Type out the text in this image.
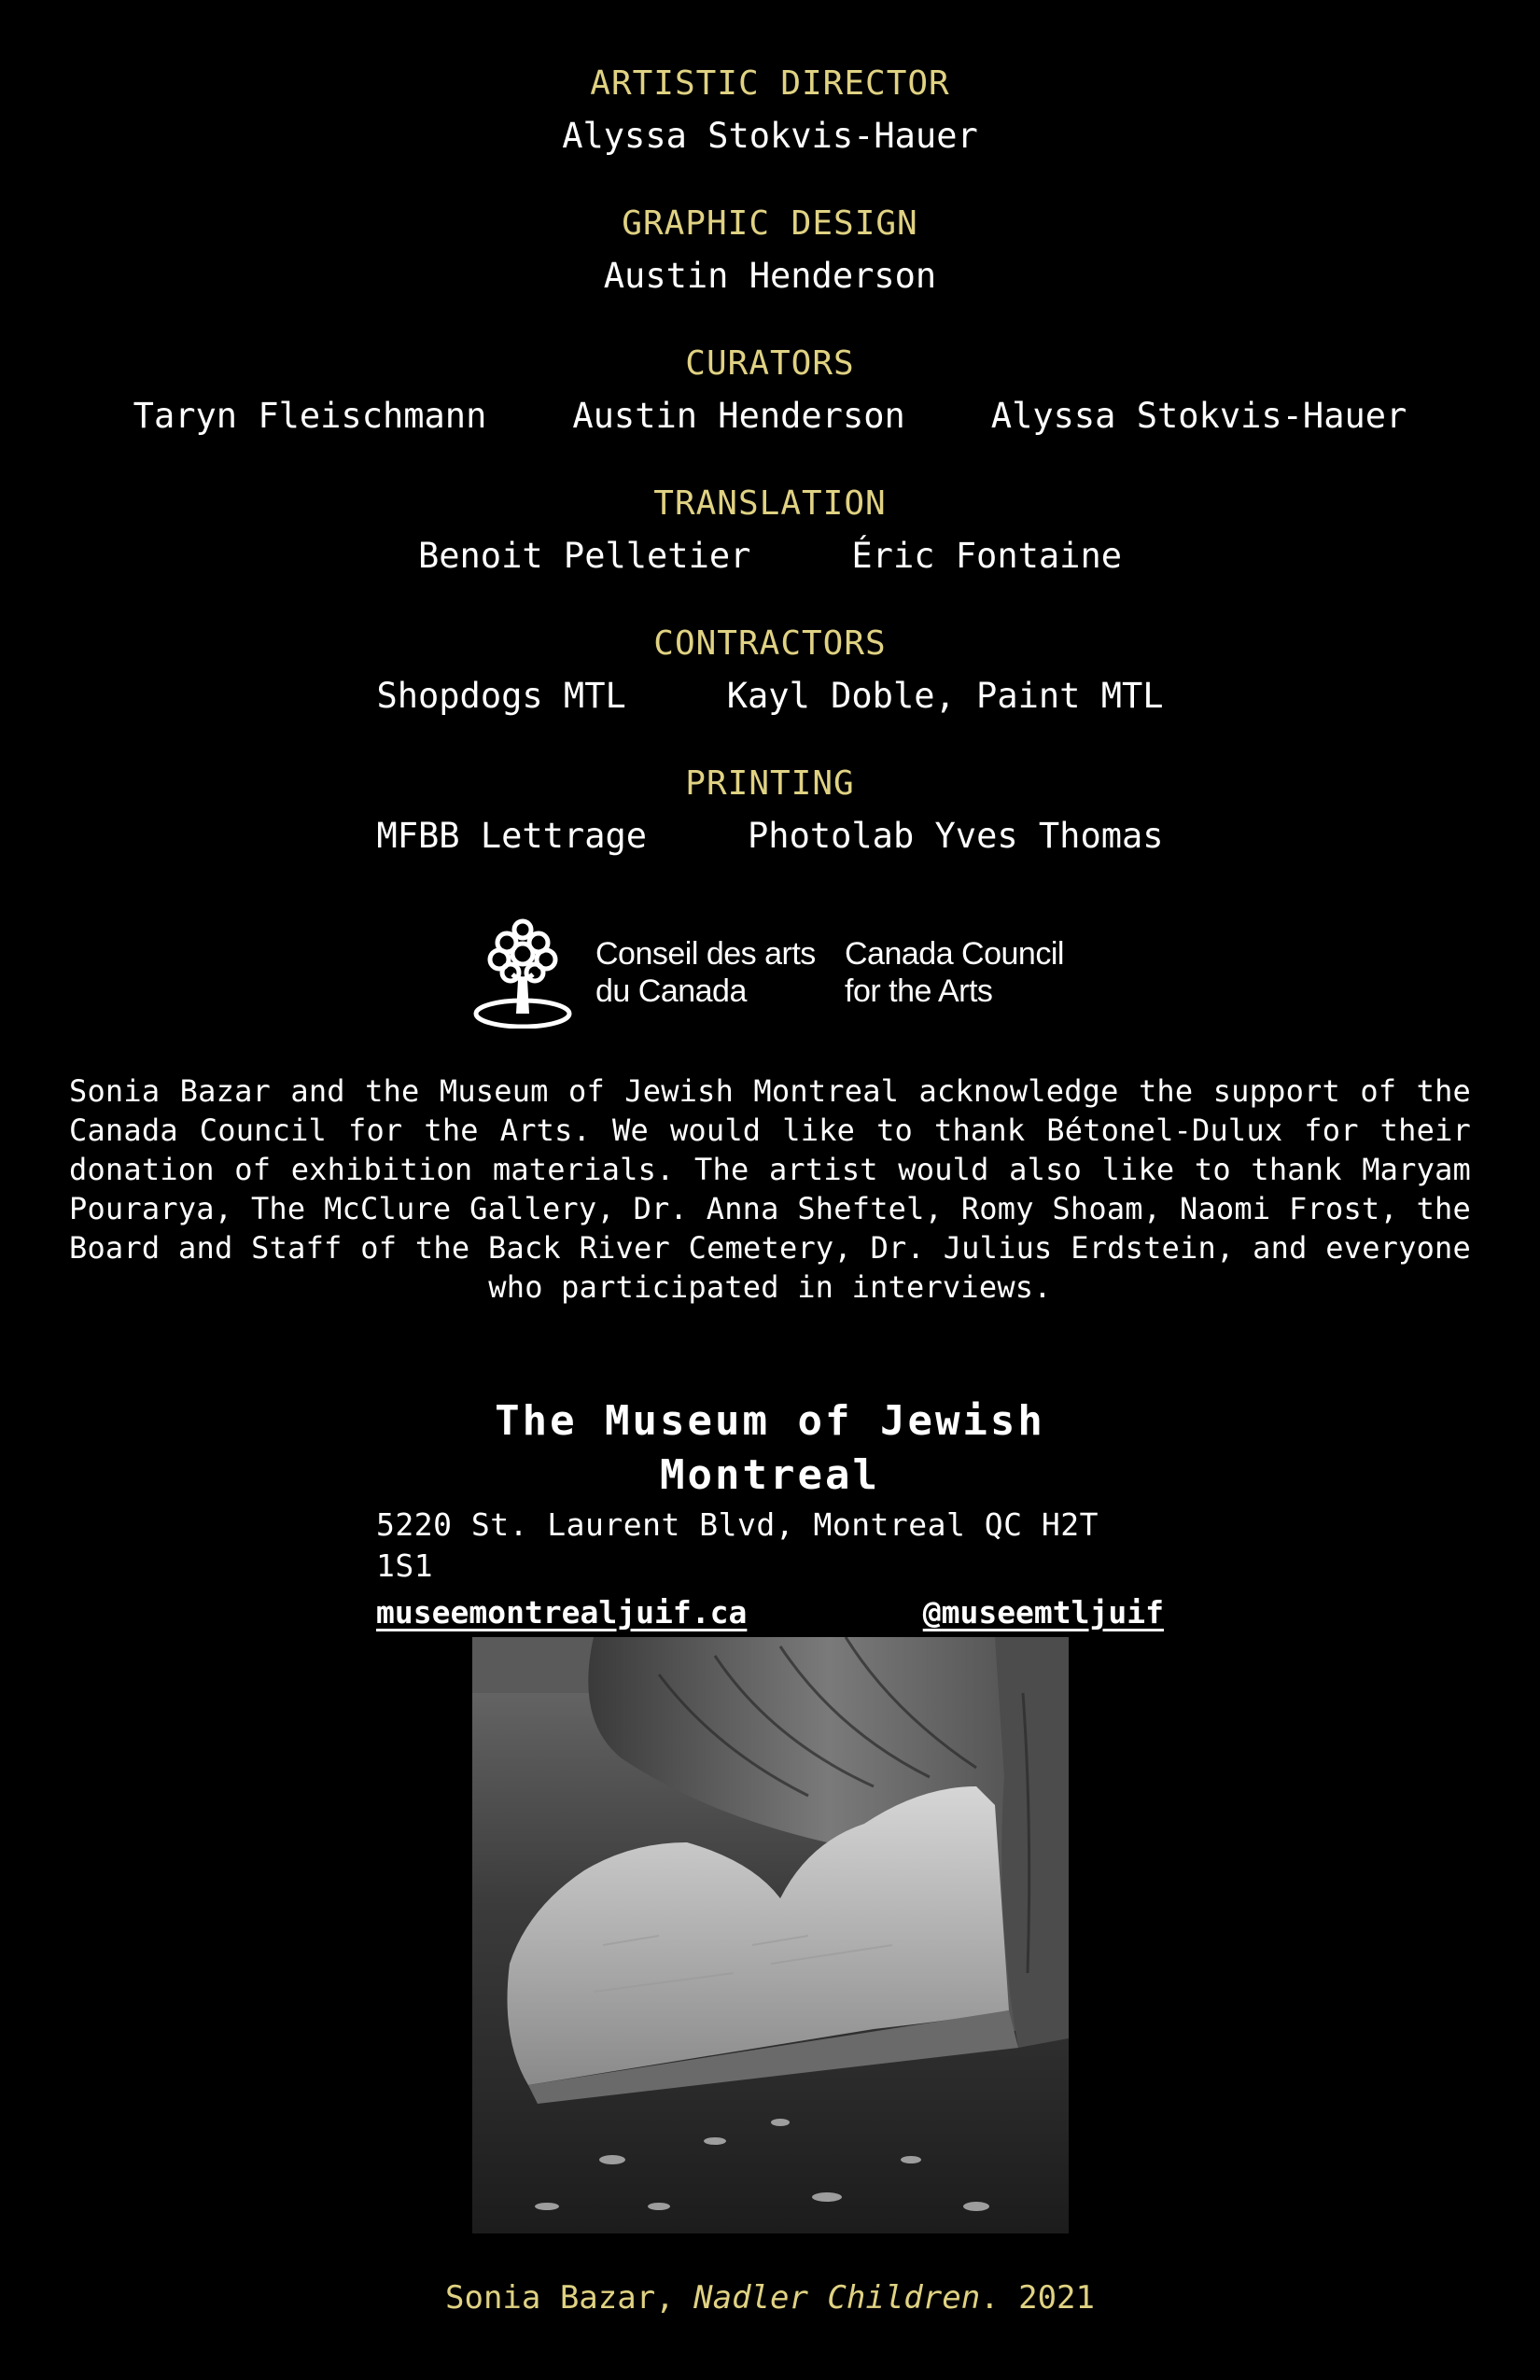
ARTISTIC DIRECTOR
Alyssa Stokvis-Hauer
GRAPHIC DESIGN
Austin Henderson
CURATORS
Taryn Fleischmann Austin Henderson Alyssa Stokvis-Hauer
TRANSLATION
Benoit Pelletier	Éric Fontaine
CONTRACTORS
Shopdogs MTL	Kayl Doble, Paint MTL
PRINTING
MFBB Lettrage	Photolab Yves Thomas
Conseil des arts
du Canada
Canada Council
for the Arts
Sonia Bazar and the Museum of Jewish Montreal acknowledge the support of the Canada Council for the Arts. We would like to thank Bétonel-Dulux for their donation of exhibition materials. The artist would also like to thank Maryam Pourarya, The McClure Gallery, Dr. Anna Sheftel, Romy Shoam, Naomi Frost, the Board and Staff of the Back River Cemetery, Dr. Julius Erdstein, and everyone who participated in interviews.
The Museum of Jewish Montreal
5220 St. Laurent Blvd, Montreal QC H2T 1S1
museemontrealjuif.ca	@museemtljuif
Sonia Bazar, Nadler Children. 2021
